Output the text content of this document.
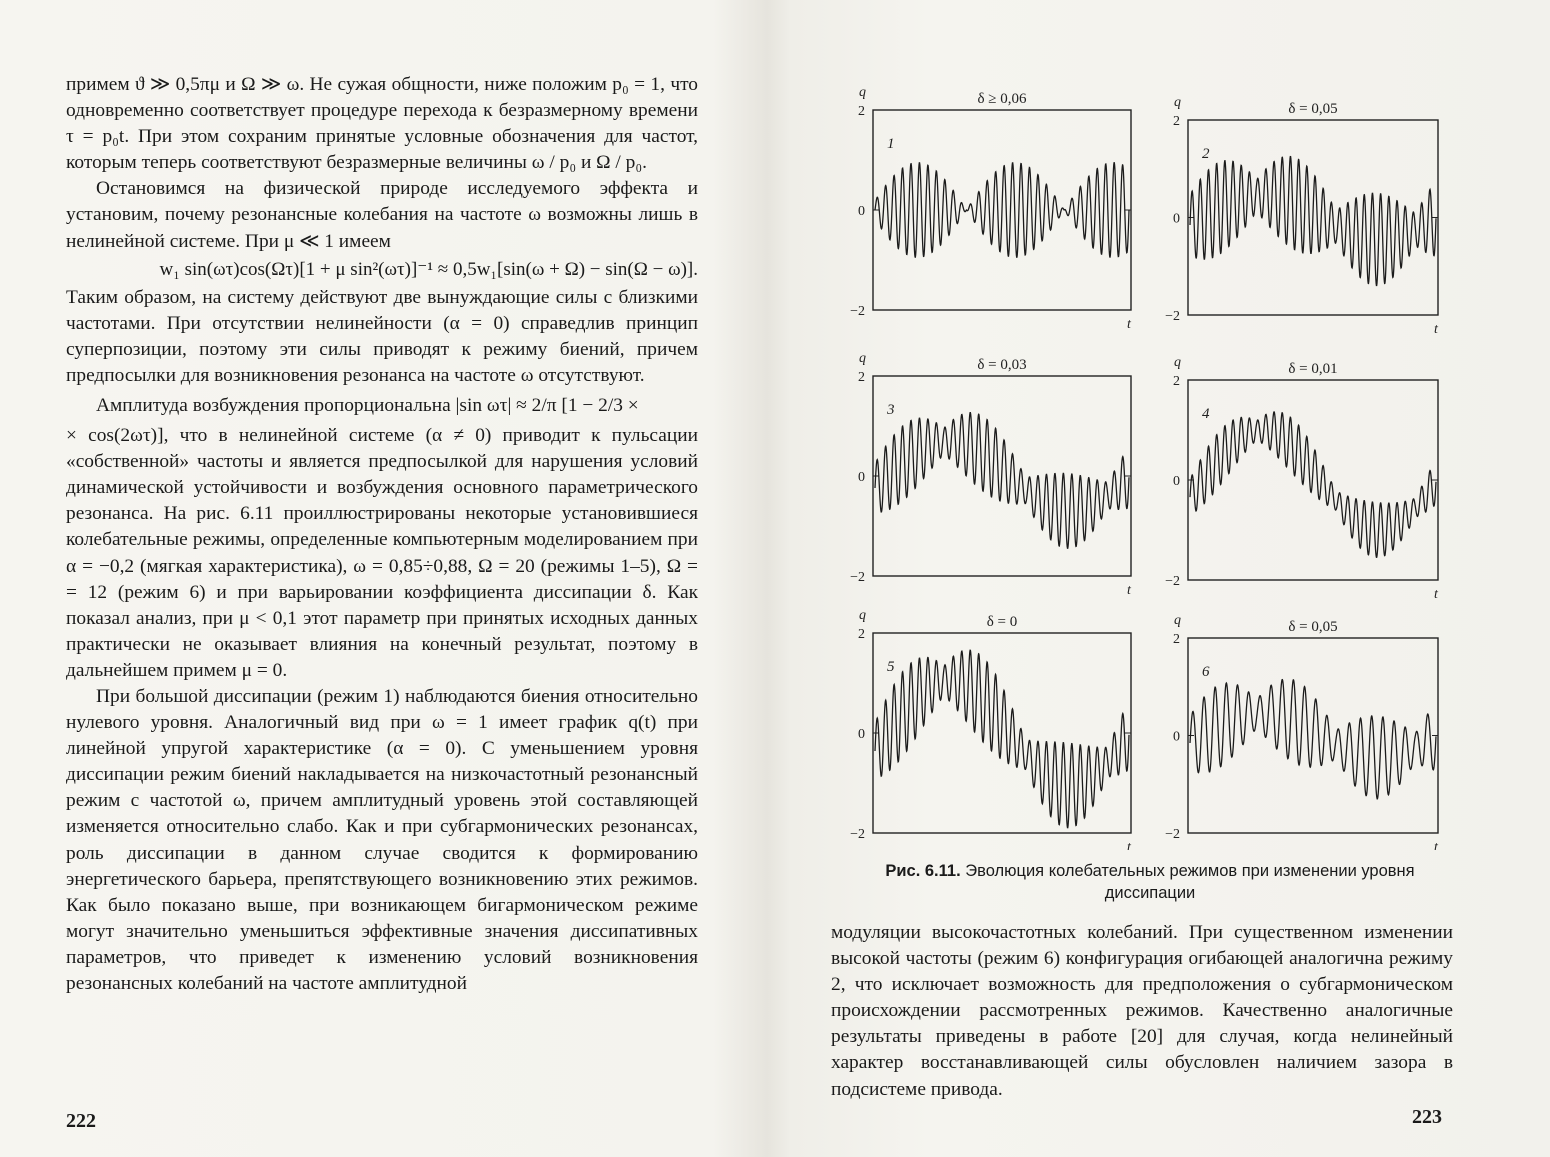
примем ϑ ≫ 0,5πμ и Ω ≫ ω. Не сужая общности, ниже положим p₀ = 1, что одновременно соответствует процедуре перехода к безразмерному времени τ = p₀t. При этом сохраним принятые условные обозначения для частот, которым теперь соответствуют безразмерные величины ω / p₀ и Ω / p₀.

Остановимся на физической природе исследуемого эффекта и установим, почему резонансные колебания на частоте ω возможны лишь в нелинейной системе. При μ ≪ 1 имеем

w₁ sin(ωτ)cos(Ωτ)[1 + μ sin²(ωτ)]⁻¹ ≈ 0,5w₁[sin(ω + Ω) − sin(Ω − ω)].

Таким образом, на систему действуют две вынуждающие силы с близкими частотами. При отсутствии нелинейности (α = 0) справедлив принцип суперпозиции, поэтому эти силы приводят к режиму биений, причем предпосылки для возникновения резонанса на частоте ω отсутствуют.

Амплитуда возбуждения пропорциональна |sin ωτ| ≈ 2/π [1 − 2/3 ×

× cos(2ωτ)], что в нелинейной системе (α ≠ 0) приводит к пульсации «собственной» частоты и является предпосылкой для нарушения условий динамической устойчивости и возбуждения основного параметрического резонанса. На рис. 6.11 проиллюстрированы некоторые установившиеся колебательные режимы, определенные компьютерным моделированием при α = −0,2 (мягкая характеристика), ω = 0,85÷0,88, Ω = 20 (режимы 1–5), Ω = = 12 (режим 6) и при варьировании коэффициента диссипации δ. Как показал анализ, при μ < 0,1 этот параметр при принятых исходных данных практически не оказывает влияния на конечный результат, поэтому в дальнейшем примем μ = 0.

При большой диссипации (режим 1) наблюдаются биения относительно нулевого уровня. Аналогичный вид при ω = 1 имеет график q(t) при линейной упругой характеристике (α = 0). С уменьшением уровня диссипации режим биений накладывается на низкочастотный резонансный режим с частотой ω, причем амплитудный уровень этой составляющей изменяется относительно слабо. Как и при субгармонических резонансах, роль диссипации в данном случае сводится к формированию энергетического барьера, препятствующего возникновению этих режимов. Как было показано выше, при возникающем бигармоническом режиме могут значительно уменьшиться эффективные значения диссипативных параметров, что приведет к изменению условий возникновения резонансных колебаний на частоте амплитудной

222
2
0
−2
q
t
δ ≥ 0,06
1
2
0
−2
q
t
δ = 0,05
2
2
0
−2
q
t
δ = 0,03
3
2
0
−2
q
t
δ = 0,01
4
2
0
−2
q
t
δ = 0
5
2
0
−2
q
t
δ = 0,05
6
Рис. 6.11. Эволюция колебательных режимов при изменении уровня диссипации

модуляции высокочастотных колебаний. При существенном изменении высокой частоты (режим 6) конфигурация огибающей аналогична режиму 2, что исключает возможность для предположения о субгармоническом происхождении рассмотренных режимов. Качественно аналогичные результаты приведены в работе [20] для случая, когда нелинейный характер восстанавливающей силы обусловлен наличием зазора в подсистеме привода.

223
